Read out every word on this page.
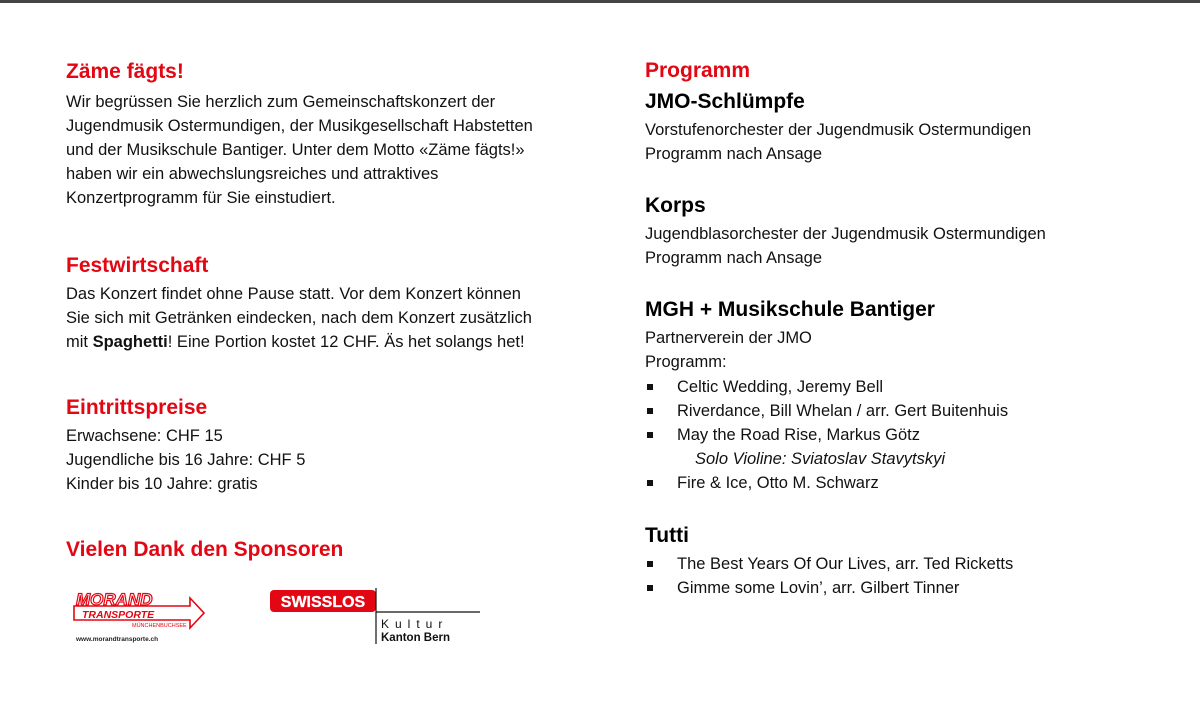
Zäme fägts!
Wir begrüssen Sie herzlich zum Gemeinschaftskonzert der
Jugendmusik Ostermundigen, der Musikgesellschaft Habstetten
und der Musikschule Bantiger. Unter dem Motto «Zäme fägts!»
haben wir ein abwechslungsreiches und attraktives
Konzertprogramm für Sie einstudiert.
Festwirtschaft
Das Konzert findet ohne Pause statt. Vor dem Konzert können
Sie sich mit Getränken eindecken, nach dem Konzert zusätzlich
mit Spaghetti! Eine Portion kostet 12 CHF. Äs het solangs het!
Eintrittspreise
Erwachsene: CHF 15
Jugendliche bis 16 Jahre: CHF 5
Kinder bis 10 Jahre: gratis
Vielen Dank den Sponsoren
MORAND
TRANSPORTE
MÜNCHENBUCHSEE
www.morandtransporte.ch
SWISSLOS
Kultur
Kanton Bern
Programm
JMO-Schlümpfe
Vorstufenorchester der Jugendmusik Ostermundigen
Programm nach Ansage
Korps
Jugendblasorchester der Jugendmusik Ostermundigen
Programm nach Ansage
MGH + Musikschule Bantiger
Partnerverein der JMO
Programm:
Celtic Wedding, Jeremy Bell
Riverdance, Bill Whelan / arr. Gert Buitenhuis
May the Road Rise, Markus Götz
Solo Violine: Sviatoslav Stavytskyi
Fire & Ice, Otto M. Schwarz
Tutti
The Best Years Of Our Lives, arr. Ted Ricketts
Gimme some Lovin’, arr. Gilbert Tinner
